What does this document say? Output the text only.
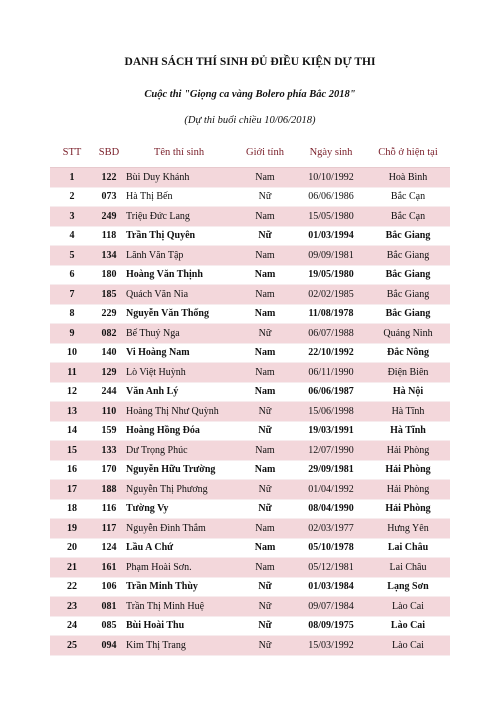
DANH SÁCH THÍ SINH ĐỦ ĐIỀU KIỆN DỰ THI
Cuộc thi "Giọng ca vàng Bolero phía Bắc 2018"
(Dự thi buổi chiều 10/06/2018)
STT	SBD	Tên thí sinh	Giới tính	Ngày sinh	Chỗ ở hiện tại
1	122	Bùi Duy Khánh	Nam	10/10/1992	Hoà Bình
2	073	Hà Thị Bến	Nữ	06/06/1986	Bắc Cạn
3	249	Triệu Đức Lang	Nam	15/05/1980	Bắc Cạn
4	118	Trần Thị Quyên	Nữ	01/03/1994	Bắc Giang
5	134	Lãnh Văn Tập	Nam	09/09/1981	Bắc Giang
6	180	Hoàng Văn Thịnh	Nam	19/05/1980	Bắc Giang
7	185	Quách Văn Nia	Nam	02/02/1985	Bắc Giang
8	229	Nguyễn Văn Thống	Nam	11/08/1978	Bắc Giang
9	082	Bế Thuý Nga	Nữ	06/07/1988	Quảng Ninh
10	140	Vi Hoàng Nam	Nam	22/10/1992	Đắc Nông
11	129	Lò Việt Huỳnh	Nam	06/11/1990	Điện Biên
12	244	Văn Anh Lý	Nam	06/06/1987	Hà Nội
13	110	Hoàng Thị Như Quỳnh	Nữ	15/06/1998	Hà Tĩnh
14	159	Hoàng Hồng Đóa	Nữ	19/03/1991	Hà Tĩnh
15	133	Dư Trọng Phúc	Nam	12/07/1990	Hải Phòng
16	170	Nguyễn Hữu Trường	Nam	29/09/1981	Hải Phòng
17	188	Nguyễn Thị Phương	Nữ	01/04/1992	Hải Phòng
18	116	Tường Vy	Nữ	08/04/1990	Hải Phòng
19	117	Nguyễn Đình Thắm	Nam	02/03/1977	Hưng Yên
20	124	Lầu A Chứ	Nam	05/10/1978	Lai Châu
21	161	Phạm Hoài Sơn.	Nam	05/12/1981	Lai Châu
22	106	Trần Minh Thùy	Nữ	01/03/1984	Lạng Sơn
23	081	Trần Thị Minh Huệ	Nữ	09/07/1984	Lào Cai
24	085	Bùi Hoài Thu	Nữ	08/09/1975	Lào Cai
25	094	Kim Thị Trang	Nữ	15/03/1992	Lào Cai
